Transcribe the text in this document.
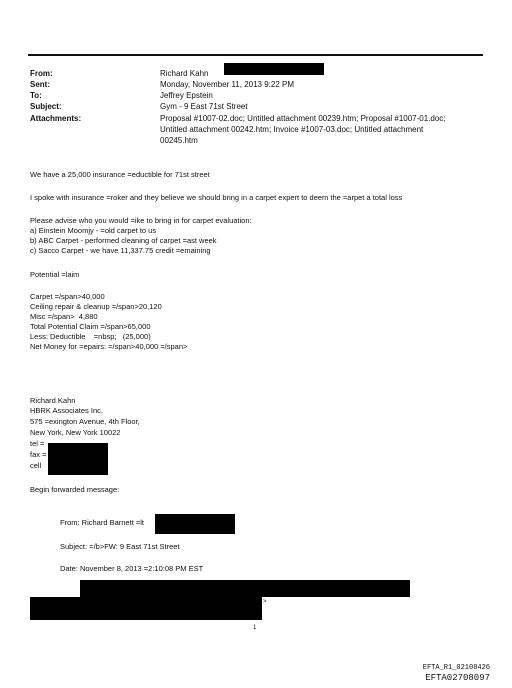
From:	Richard Kahn
Sent:	Monday, November 11, 2013 9:22 PM
To:	Jeffrey Epstein
Subject:	Gym - 9 East 71st Street
Attachments:	Proposal #1007-02.doc; Untitled attachment 00239.htm; Proposal #1007-01.doc;
Untitled attachment 00242.htm; Invoice #1007-03.doc; Untitled attachment
00245.htm
We have a 25,000 insurance =eductible for 71st street
I spoke with insurance =roker and they believe we should bring in a carpet expert to deem the =arpet a total loss
Please advise who you would =ike to bring in for carpet evaluation:
a) Einstein Moomjy - =old carpet to us
b) ABC Carpet - performed cleaning of carpet =ast week
c) Sacco Carpet - we have 11,337.75 credit =emaining
Potential =laim
Carpet =/span>40,000
Ceiling repair & cleanup =/span>20,120
Misc =/span>  4,880
Total Potential Claim =/span>65,000
Less: Deductible    =nbsp;   (25,000)
Net Money for =epairs: =/span>40,000 =/span>
Richard Kahn
HBRK Associates Inc.
575 =exington Avenue, 4th Floor,
New York, New York 10022
tel =
fax =
cell
Begin forwarded message:
From: Richard Barnett =lt
Subject: =/b>FW: 9 East 71st Street
Date: November 8, 2013 =2:10:08 PM EST
>
1
EFTA_R1_02108426
EFTA02708097
